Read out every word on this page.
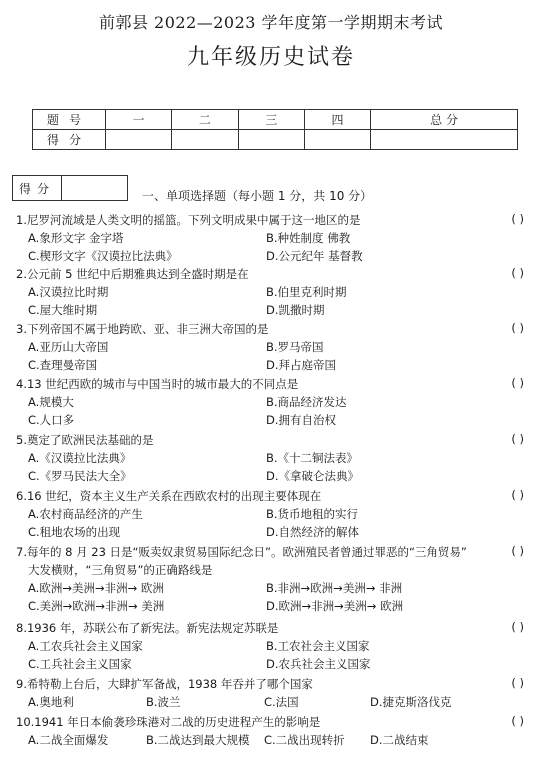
前郭县 2022—2023 学年度第一学期期末考试
九年级历史试卷
题号	一	二	三	四	总 分
得分					
得分
一、单项选择题（每小题 1 分，共 10 分）
1.尼罗河流域是人类文明的摇篮。下列文明成果中属于这一地区的是	( )
A.象形文字 金字塔	B.种姓制度 佛教
C.楔形文字《汉谟拉比法典》	D.公元纪年 基督教
2.公元前 5 世纪中后期雅典达到全盛时期是在	( )
A.汉谟拉比时期	B.伯里克利时期
C.屋大维时期	D.凯撒时期
3.下列帝国不属于地跨欧、亚、非三洲大帝国的是	( )
A.亚历山大帝国	B.罗马帝国
C.查理曼帝国	D.拜占庭帝国
4.13 世纪西欧的城市与中国当时的城市最大的不同点是	( )
A.规模大	B.商品经济发达
C.人口多	D.拥有自治权
5.奠定了欧洲民法基础的是	( )
A.《汉谟拉比法典》	B.《十二铜法表》
C.《罗马民法大全》	D.《拿破仑法典》
6.16 世纪，资本主义生产关系在西欧农村的出现主要体现在	( )
A.农村商品经济的产生	B.货币地租的实行
C.租地农场的出现	D.自然经济的解体
7.每年的 8 月 23 日是“贩卖奴隶贸易国际纪念日”。欧洲殖民者曾通过罪恶的“三角贸易”	( )
大发横财，“三角贸易”的正确路线是
A.欧洲→美洲→非洲→ 欧洲	B.非洲→欧洲→美洲→ 非洲
C.美洲→欧洲→非洲→ 美洲	D.欧洲→非洲→美洲→ 欧洲
8.1936 年，苏联公布了新宪法。新宪法规定苏联是	( )
A.工农兵社会主义国家	B.工农社会主义国家
C.工兵社会主义国家	D.农兵社会主义国家
9.希特勒上台后，大肆扩军备战，1938 年吞并了哪个国家	( )
A.奥地利	B.波兰	C.法国	D.捷克斯洛伐克
10.1941 年日本偷袭珍珠港对二战的历史进程产生的影响是	( )
A.二战全面爆发	B.二战达到最大规模 C.二战出现转折 D.二战结束
